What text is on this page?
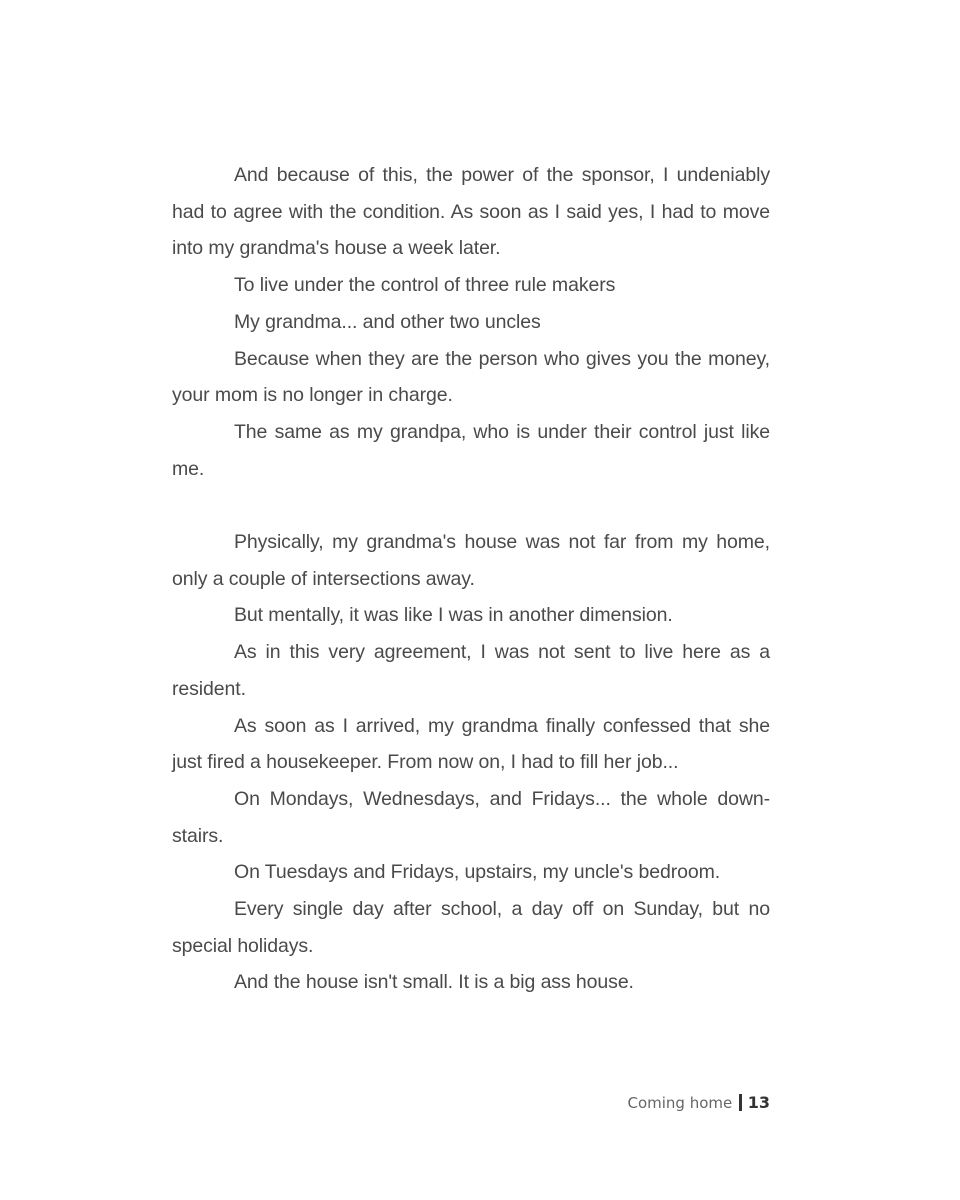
And because of this, the power of the sponsor, I undeniably had to agree with the condition. As soon as I said yes, I had to move into my grandma's house a week later.

To live under the control of three rule makers

My grandma... and other two uncles

Because when they are the person who gives you the money, your mom is no longer in charge.

The same as my grandpa, who is under their control just like me.

Physically, my grandma's house was not far from my home, only a couple of intersections away.

But mentally, it was like I was in another dimension.

As in this very agreement, I was not sent to live here as a resident.

As soon as I arrived, my grandma finally confessed that she just fired a housekeeper. From now on, I had to fill her job...

On Mondays, Wednesdays, and Fridays... the whole down-stairs.

On Tuesdays and Fridays, upstairs, my uncle's bedroom.

Every single day after school, a day off on Sunday, but no special holidays.

And the house isn't small. It is a big ass house.

Coming home 13
